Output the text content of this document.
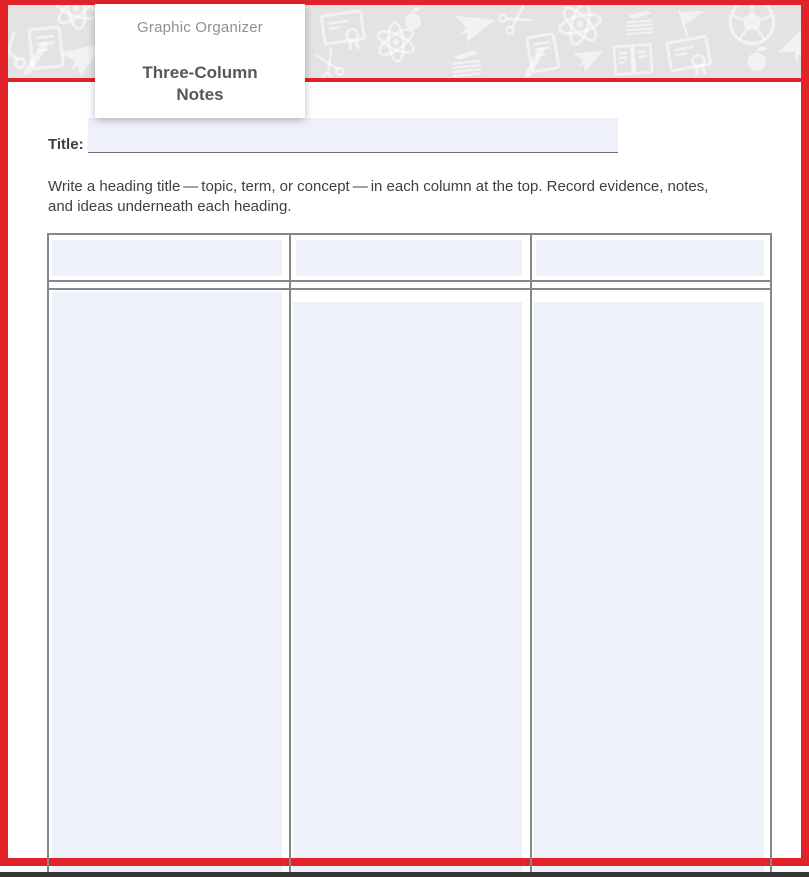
Graphic Organizer
Three-Column
Notes
Title:
Write a heading title — topic, term, or concept — in each column at the top. Record evidence, notes,
and ideas underneath each heading.
